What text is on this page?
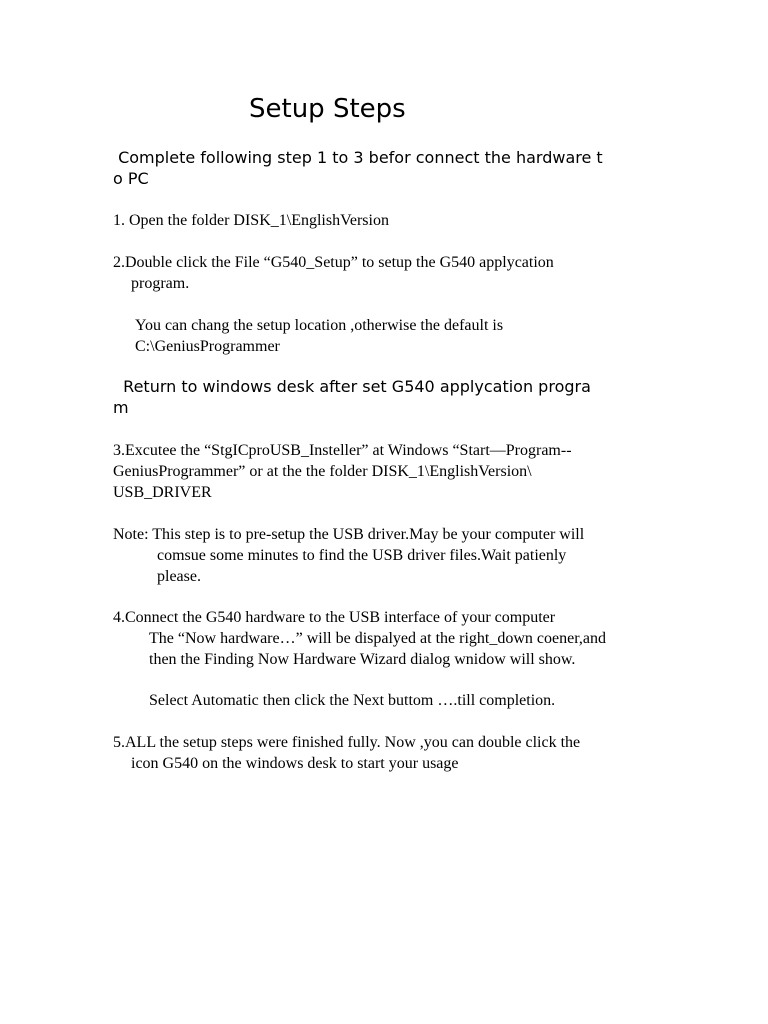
Setup Steps
Complete following step 1 to 3 befor connect the hardware t
o PC
1. Open the folder DISK_1\EnglishVersion
2.Double click the File “G540_Setup” to setup the G540 applycation
program.
You can chang the setup location ,otherwise the default is
C:\GeniusProgrammer
Return to windows desk after set G540 applycation progra
m
3.Excutee the “StgICproUSB_Insteller” at Windows “Start—Program--
GeniusProgrammer” or at the the folder DISK_1\EnglishVersion\
USB_DRIVER
Note: This step is to pre-setup the USB driver.May be your computer will
comsue some minutes to find the USB driver files.Wait patienly
please.
4.Connect the G540 hardware to the USB interface of your computer
The “Now hardware…” will be dispalyed at the right_down coener,and
then the Finding Now Hardware Wizard dialog wnidow will show.
Select Automatic then click the Next buttom ….till completion.
5.ALL the setup steps were finished fully. Now ,you can double click the
icon G540 on the windows desk to start your usage
